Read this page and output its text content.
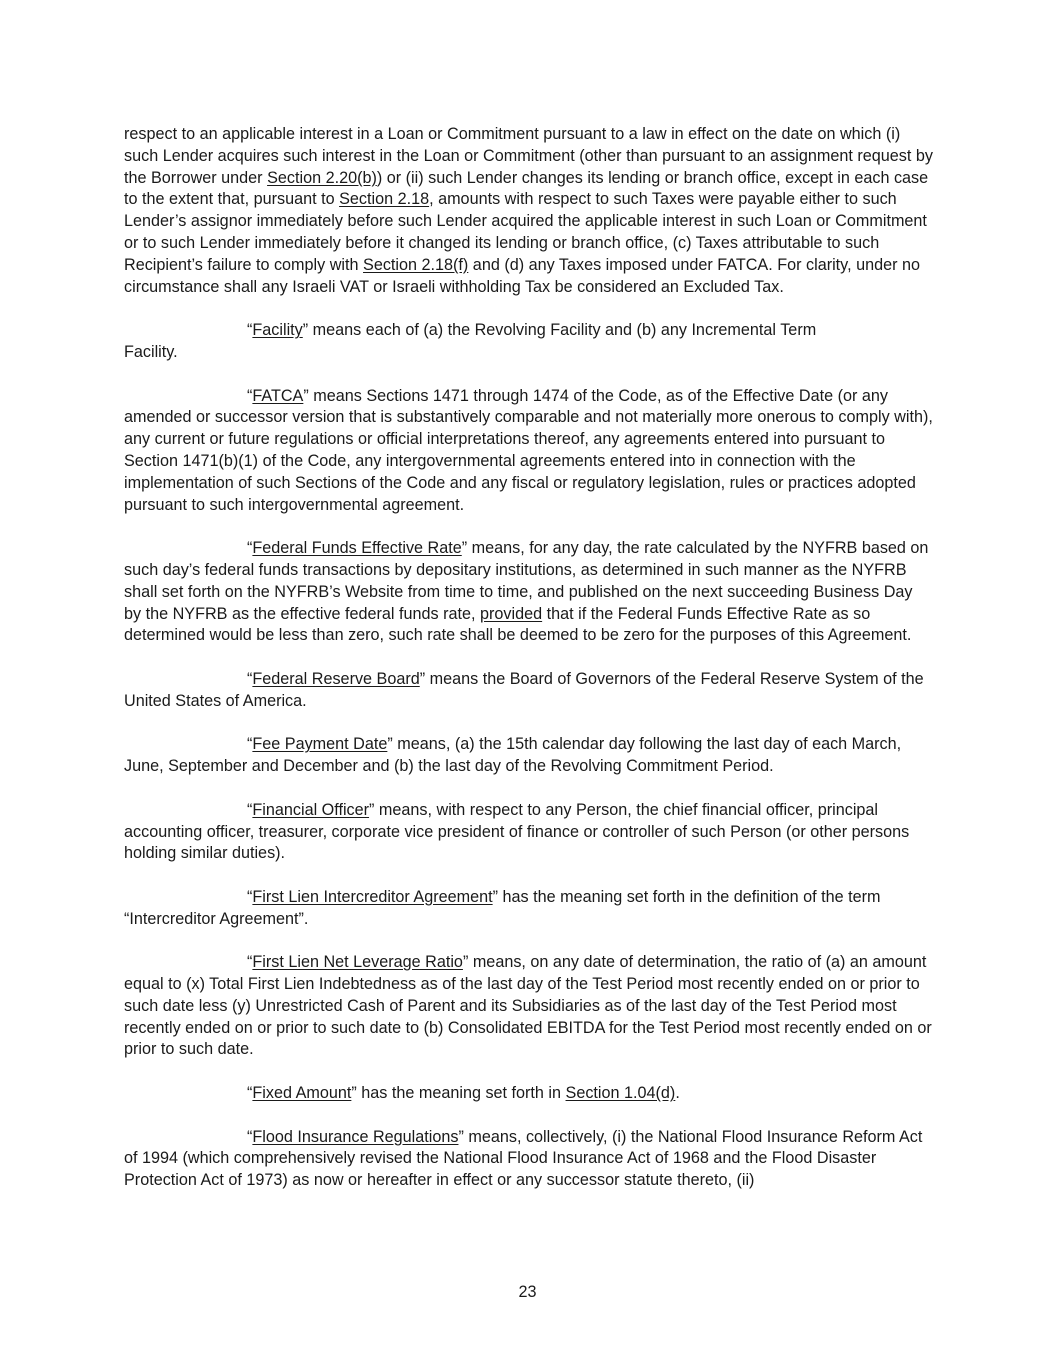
respect to an applicable interest in a Loan or Commitment pursuant to a law in effect on the date on which (i) such Lender acquires such interest in the Loan or Commitment (other than pursuant to an assignment request by the Borrower under Section 2.20(b)) or (ii) such Lender changes its lending or branch office, except in each case to the extent that, pursuant to Section 2.18, amounts with respect to such Taxes were payable either to such Lender’s assignor immediately before such Lender acquired the applicable interest in such Loan or Commitment or to such Lender immediately before it changed its lending or branch office, (c) Taxes attributable to such Recipient’s failure to comply with Section 2.18(f) and (d) any Taxes imposed under FATCA. For clarity, under no circumstance shall any Israeli VAT or Israeli withholding Tax be considered an Excluded Tax.

“Facility” means each of (a) the Revolving Facility and (b) any Incremental Term
Facility.

“FATCA” means Sections 1471 through 1474 of the Code, as of the Effective Date (or any amended or successor version that is substantively comparable and not materially more onerous to comply with), any current or future regulations or official interpretations thereof, any agreements entered into pursuant to Section 1471(b)(1) of the Code, any intergovernmental agreements entered into in connection with the implementation of such Sections of the Code and any fiscal or regulatory legislation, rules or practices adopted pursuant to such intergovernmental agreement.

“Federal Funds Effective Rate” means, for any day, the rate calculated by the NYFRB based on such day’s federal funds transactions by depositary institutions, as determined in such manner as the NYFRB shall set forth on the NYFRB’s Website from time to time, and published on the next succeeding Business Day by the NYFRB as the effective federal funds rate, provided that if the Federal Funds Effective Rate as so determined would be less than zero, such rate shall be deemed to be zero for the purposes of this Agreement.

“Federal Reserve Board” means the Board of Governors of the Federal Reserve System of the United States of America.

“Fee Payment Date” means, (a) the 15th calendar day following the last day of each March, June, September and December and (b) the last day of the Revolving Commitment Period.

“Financial Officer” means, with respect to any Person, the chief financial officer, principal accounting officer, treasurer, corporate vice president of finance or controller of such Person (or other persons holding similar duties).

“First Lien Intercreditor Agreement” has the meaning set forth in the definition of the term “Intercreditor Agreement”.

“First Lien Net Leverage Ratio” means, on any date of determination, the ratio of (a) an amount equal to (x) Total First Lien Indebtedness as of the last day of the Test Period most recently ended on or prior to such date less (y) Unrestricted Cash of Parent and its Subsidiaries as of the last day of the Test Period most recently ended on or prior to such date to (b) Consolidated EBITDA for the Test Period most recently ended on or prior to such date.

“Fixed Amount” has the meaning set forth in Section 1.04(d).

“Flood Insurance Regulations” means, collectively, (i) the National Flood Insurance Reform Act of 1994 (which comprehensively revised the National Flood Insurance Act of 1968 and the Flood Disaster Protection Act of 1973) as now or hereafter in effect or any successor statute thereto, (ii)

23
